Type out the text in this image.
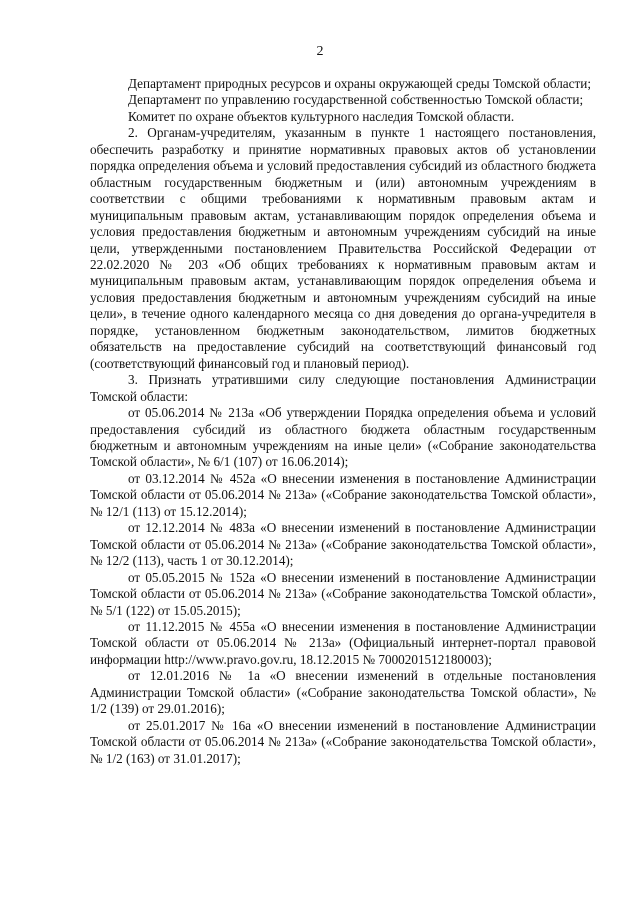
2

Департамент природных ресурсов и охраны окружающей среды Томской области;

Департамент по управлению государственной собственностью Томской области;

Комитет по охране объектов культурного наследия Томской области.

2. Органам-учредителям, указанным в пункте 1 настоящего постановления, обеспечить разработку и принятие нормативных правовых актов об установлении порядка определения объема и условий предоставления субсидий из областного бюджета областным государственным бюджетным и (или) автономным учреждениям в соответствии с общими требованиями к нормативным правовым актам и муниципальным правовым актам, устанавливающим порядок определения объема и условия предоставления бюджетным и автономным учреждениям субсидий на иные цели, утвержденными постановлением Правительства Российской Федерации от 22.02.2020 № 203 «Об общих требованиях к нормативным правовым актам и муниципальным правовым актам, устанавливающим порядок определения объема и условия предоставления бюджетным и автономным учреждениям субсидий на иные цели», в течение одного календарного месяца со дня доведения до органа-учредителя в порядке, установленном бюджетным законодательством, лимитов бюджетных обязательств на предоставление субсидий на соответствующий финансовый год (соответствующий финансовый год и плановый период).

3. Признать утратившими силу следующие постановления Администрации Томской области:

от 05.06.2014 № 213а «Об утверждении Порядка определения объема и условий предоставления субсидий из областного бюджета областным государственным бюджетным и автономным учреждениям на иные цели» («Собрание законодательства Томской области», № 6/1 (107) от 16.06.2014);

от 03.12.2014 № 452а «О внесении изменения в постановление Администрации Томской области от 05.06.2014 № 213а» («Собрание законодательства Томской области», № 12/1 (113) от 15.12.2014);

от 12.12.2014 № 483а «О внесении изменений в постановление Администрации Томской области от 05.06.2014 № 213а» («Собрание законодательства Томской области», № 12/2 (113), часть 1 от 30.12.2014);

от 05.05.2015 № 152а «О внесении изменений в постановление Администрации Томской области от 05.06.2014 № 213а» («Собрание законодательства Томской области», № 5/1 (122) от 15.05.2015);

от 11.12.2015 № 455а «О внесении изменения в постановление Администрации Томской области от 05.06.2014 № 213а» (Официальный интернет-портал правовой информации http://www.pravo.gov.ru, 18.12.2015 № 7000201512180003);

от 12.01.2016 № 1а «О внесении изменений в отдельные постановления Администрации Томской области» («Собрание законодательства Томской области», № 1/2 (139) от 29.01.2016);

от 25.01.2017 № 16а «О внесении изменений в постановление Администрации Томской области от 05.06.2014 № 213а» («Собрание законодательства Томской области», № 1/2 (163) от 31.01.2017);
